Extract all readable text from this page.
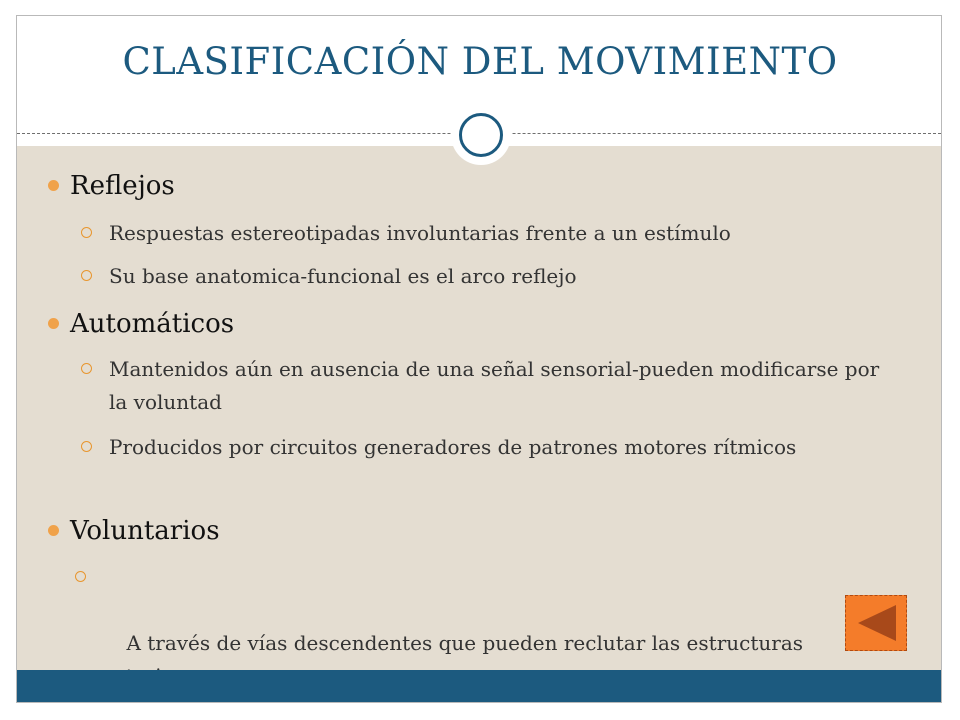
CLASIFICACIÓN DEL MOVIMIENTO
Reflejos
Respuestas estereotipadas involuntarias frente a un estímulo
Su base anatomica-funcional es el arco reflejo
Automáticos
Mantenidos aún en ausencia de una señal sensorial-pueden modificarse por la voluntad
Producidos por circuitos generadores de patrones motores rítmicos
Voluntarios

A través de vías descendentes que pueden reclutar las estructuras
